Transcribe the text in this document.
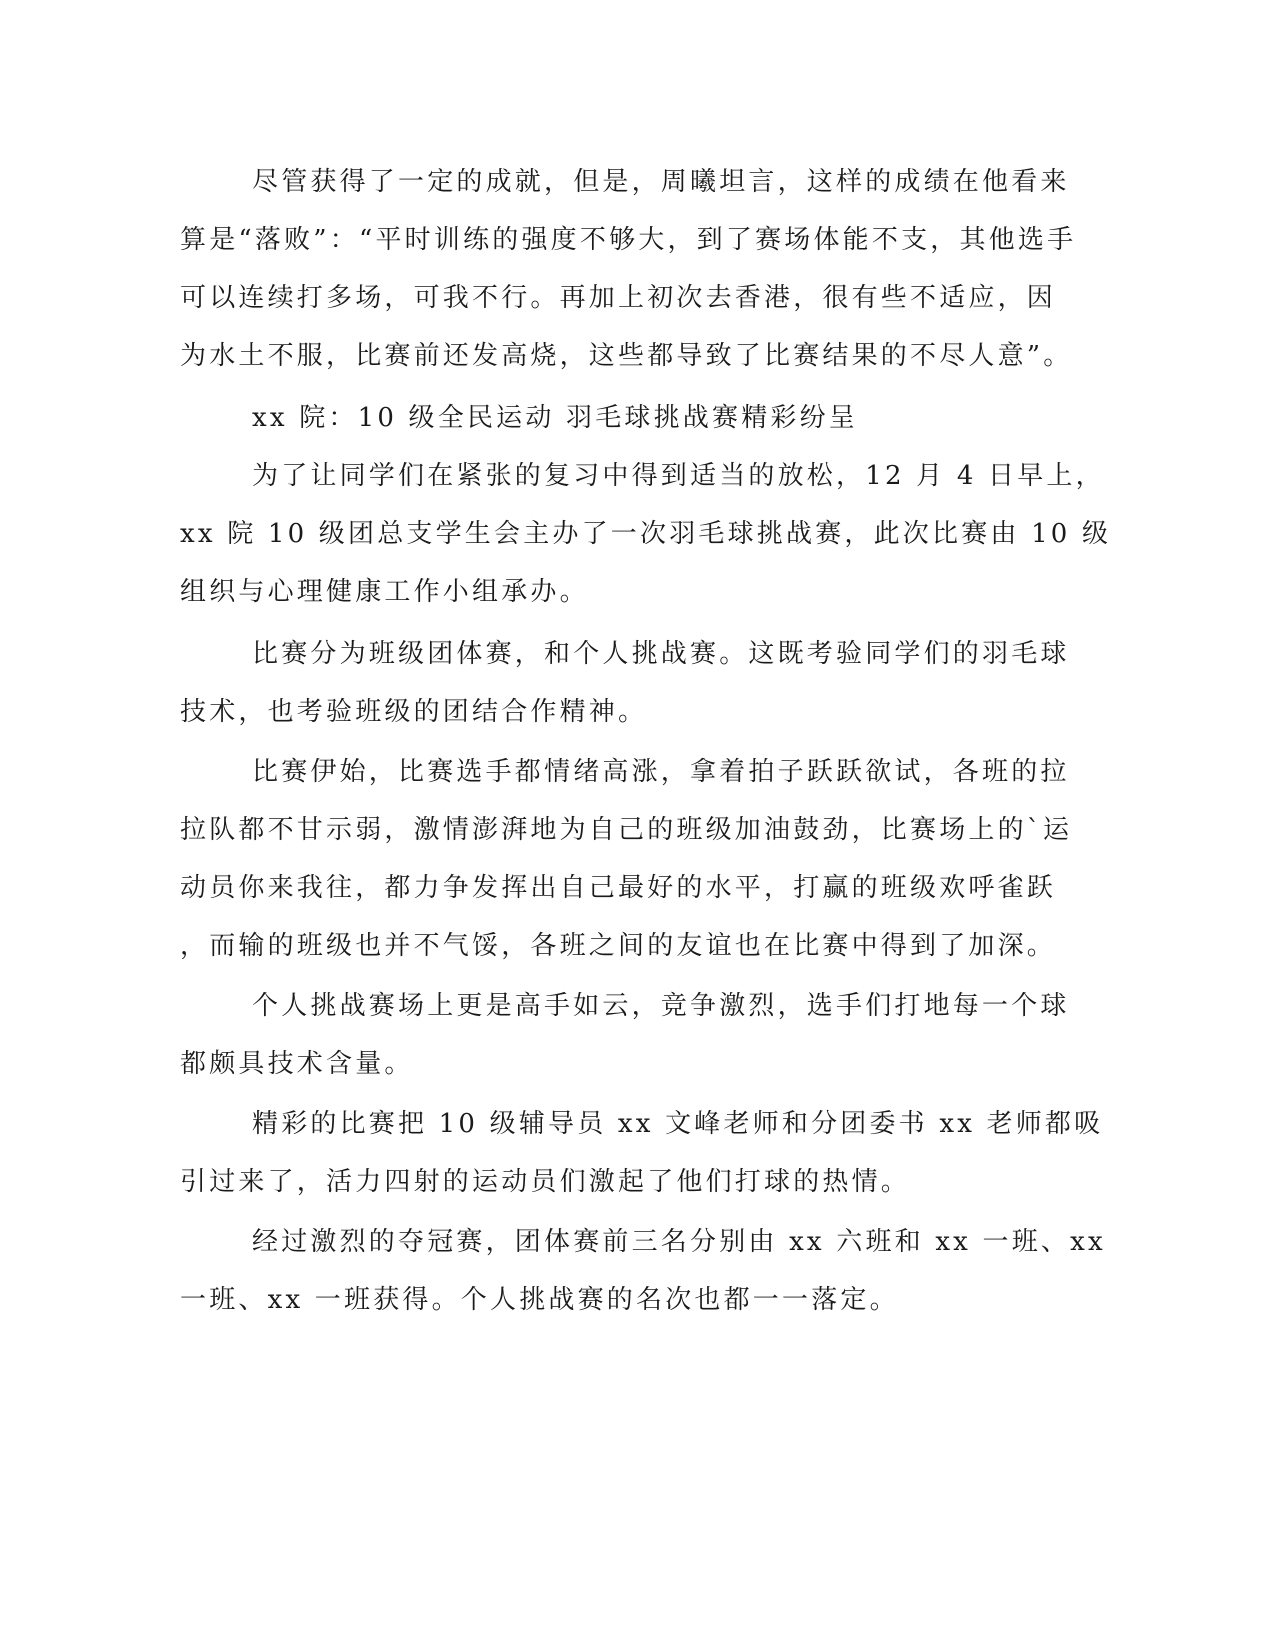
尽管获得了一定的成就，但是，周曦坦言，这样的成绩在他看来
算是“落败”：“平时训练的强度不够大，到了赛场体能不支，其他选手
可以连续打多场，可我不行。再加上初次去香港，很有些不适应，因
为水土不服，比赛前还发高烧，这些都导致了比赛结果的不尽人意”。
xx 院：10 级全民运动 羽毛球挑战赛精彩纷呈
为了让同学们在紧张的复习中得到适当的放松，12 月 4 日早上，
xx 院 10 级团总支学生会主办了一次羽毛球挑战赛，此次比赛由 10 级
组织与心理健康工作小组承办。
比赛分为班级团体赛，和个人挑战赛。这既考验同学们的羽毛球
技术，也考验班级的团结合作精神。
比赛伊始，比赛选手都情绪高涨，拿着拍子跃跃欲试，各班的拉
拉队都不甘示弱，激情澎湃地为自己的班级加油鼓劲，比赛场上的`运
动员你来我往，都力争发挥出自己最好的水平，打赢的班级欢呼雀跃
，而输的班级也并不气馁，各班之间的友谊也在比赛中得到了加深。
个人挑战赛场上更是高手如云，竞争激烈，选手们打地每一个球
都颇具技术含量。
精彩的比赛把 10 级辅导员 xx 文峰老师和分团委书 xx 老师都吸
引过来了，活力四射的运动员们激起了他们打球的热情。
经过激烈的夺冠赛，团体赛前三名分别由 xx 六班和 xx 一班、xx
一班、xx 一班获得。个人挑战赛的名次也都一一落定。
